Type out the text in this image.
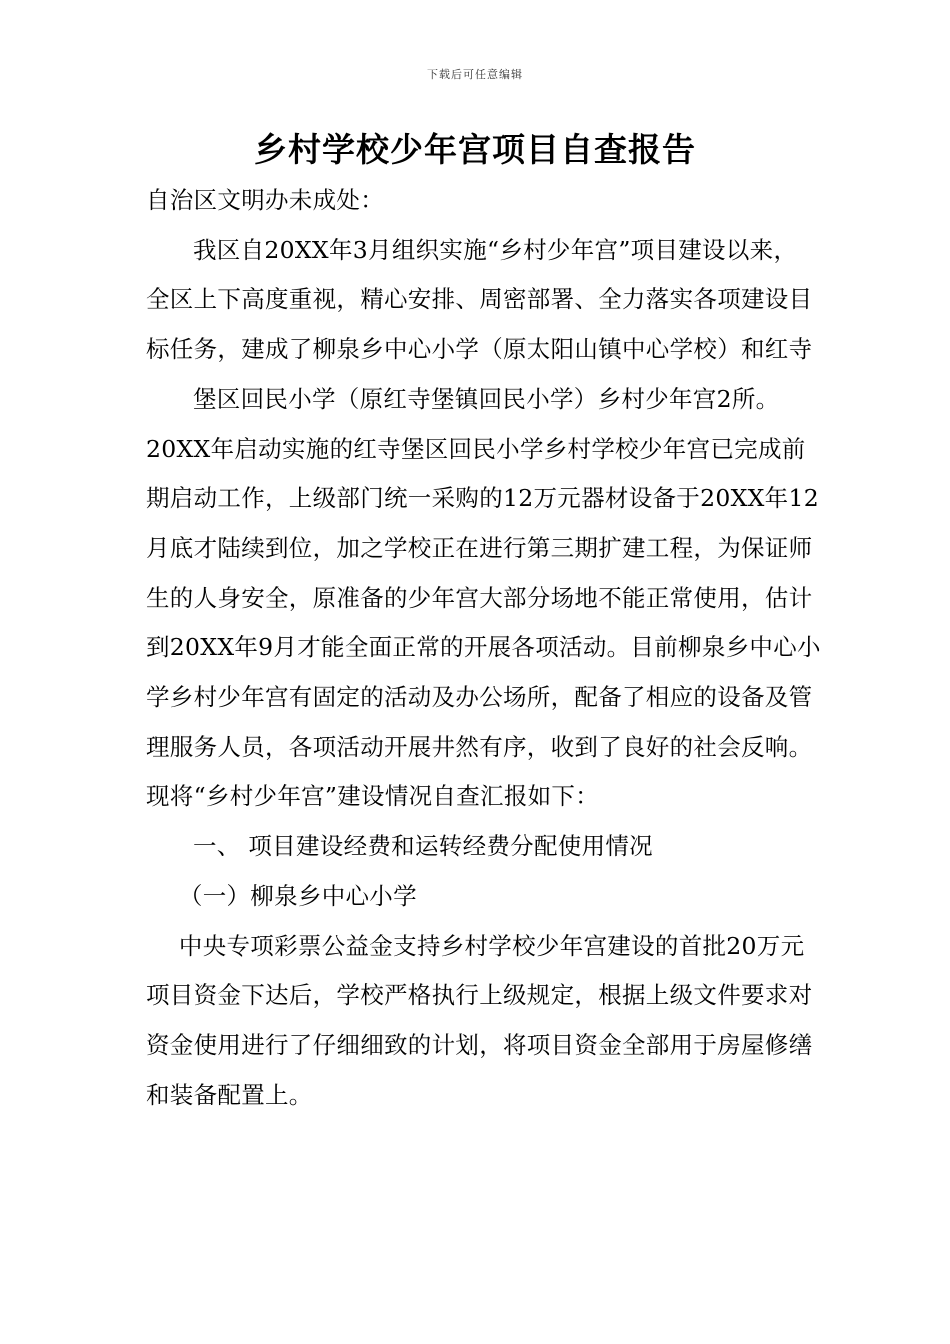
下载后可任意编辑
乡村学校少年宫项目自查报告

自治区文明办未成处：

我区自20XX年3月组织实施“乡村少年宫”项目建设以来，全区上下高度重视，精心安排、周密部署、全力落实各项建设目标任务，建成了柳泉乡中心小学（原太阳山镇中心学校）和红寺

堡区回民小学（原红寺堡镇回民小学）乡村少年宫2所。20XX年启动实施的红寺堡区回民小学乡村学校少年宫已完成前期启动工作，上级部门统一采购的12万元器材设备于20XX年12月底才陆续到位，加之学校正在进行第三期扩建工程，为保证师生的人身安全，原准备的少年宫大部分场地不能正常使用，估计到20XX年9月才能全面正常的开展各项活动。目前柳泉乡中心小学乡村少年宫有固定的活动及办公场所，配备了相应的设备及管理服务人员，各项活动开展井然有序，收到了良好的社会反响。现将“乡村少年宫”建设情况自查汇报如下：

一、 项目建设经费和运转经费分配使用情况

（一）柳泉乡中心小学

中央专项彩票公益金支持乡村学校少年宫建设的首批20万元项目资金下达后，学校严格执行上级规定，根据上级文件要求对资金使用进行了仔细细致的计划，将项目资金全部用于房屋修缮和装备配置上。
